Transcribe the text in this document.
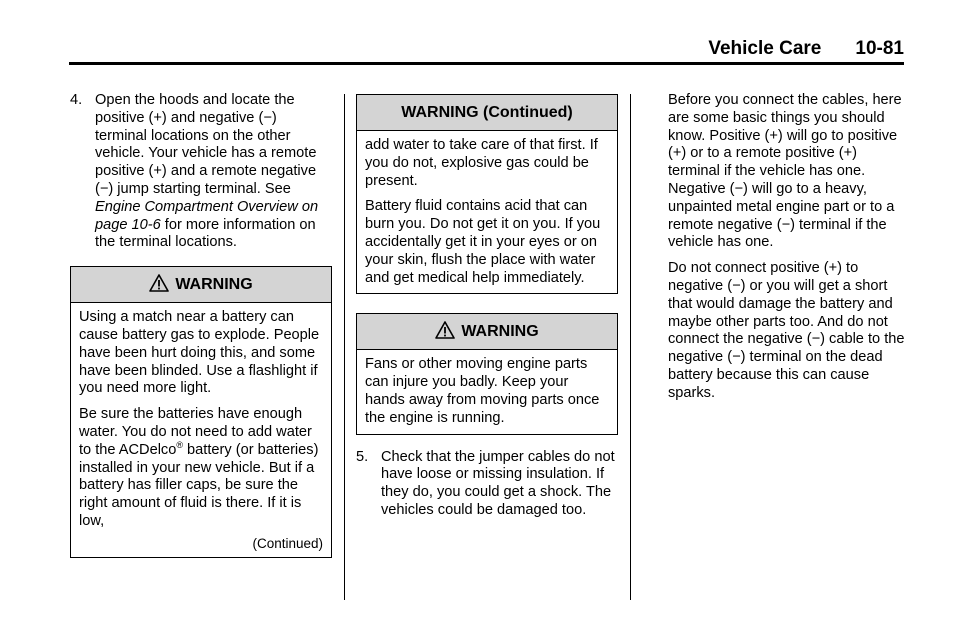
Vehicle Care 10-81
4. Open the hoods and locate the positive (+) and negative (−) terminal locations on the other vehicle. Your vehicle has a remote positive (+) and a remote negative (−) jump starting terminal. See Engine Compartment Overview on page 10-6 for more information on the terminal locations.
WARNING

Using a match near a battery can cause battery gas to explode. People have been hurt doing this, and some have been blinded. Use a flashlight if you need more light.

Be sure the batteries have enough water. You do not need to add water to the ACDelco® battery (or batteries) installed in your new vehicle. But if a battery has filler caps, be sure the right amount of fluid is there. If it is low,

(Continued)
WARNING (Continued)

add water to take care of that first. If you do not, explosive gas could be present.

Battery fluid contains acid that can burn you. Do not get it on you. If you accidentally get it in your eyes or on your skin, flush the place with water and get medical help immediately.

WARNING

Fans or other moving engine parts can injure you badly. Keep your hands away from moving parts once the engine is running.

5. Check that the jumper cables do not have loose or missing insulation. If they do, you could get a shock. The vehicles could be damaged too.

Before you connect the cables, here are some basic things you should know. Positive (+) will go to positive (+) or to a remote positive (+) terminal if the vehicle has one. Negative (−) will go to a heavy, unpainted metal engine part or to a remote negative (−) terminal if the vehicle has one.

Do not connect positive (+) to negative (−) or you will get a short that would damage the battery and maybe other parts too. And do not connect the negative (−) cable to the negative (−) terminal on the dead battery because this can cause sparks.
